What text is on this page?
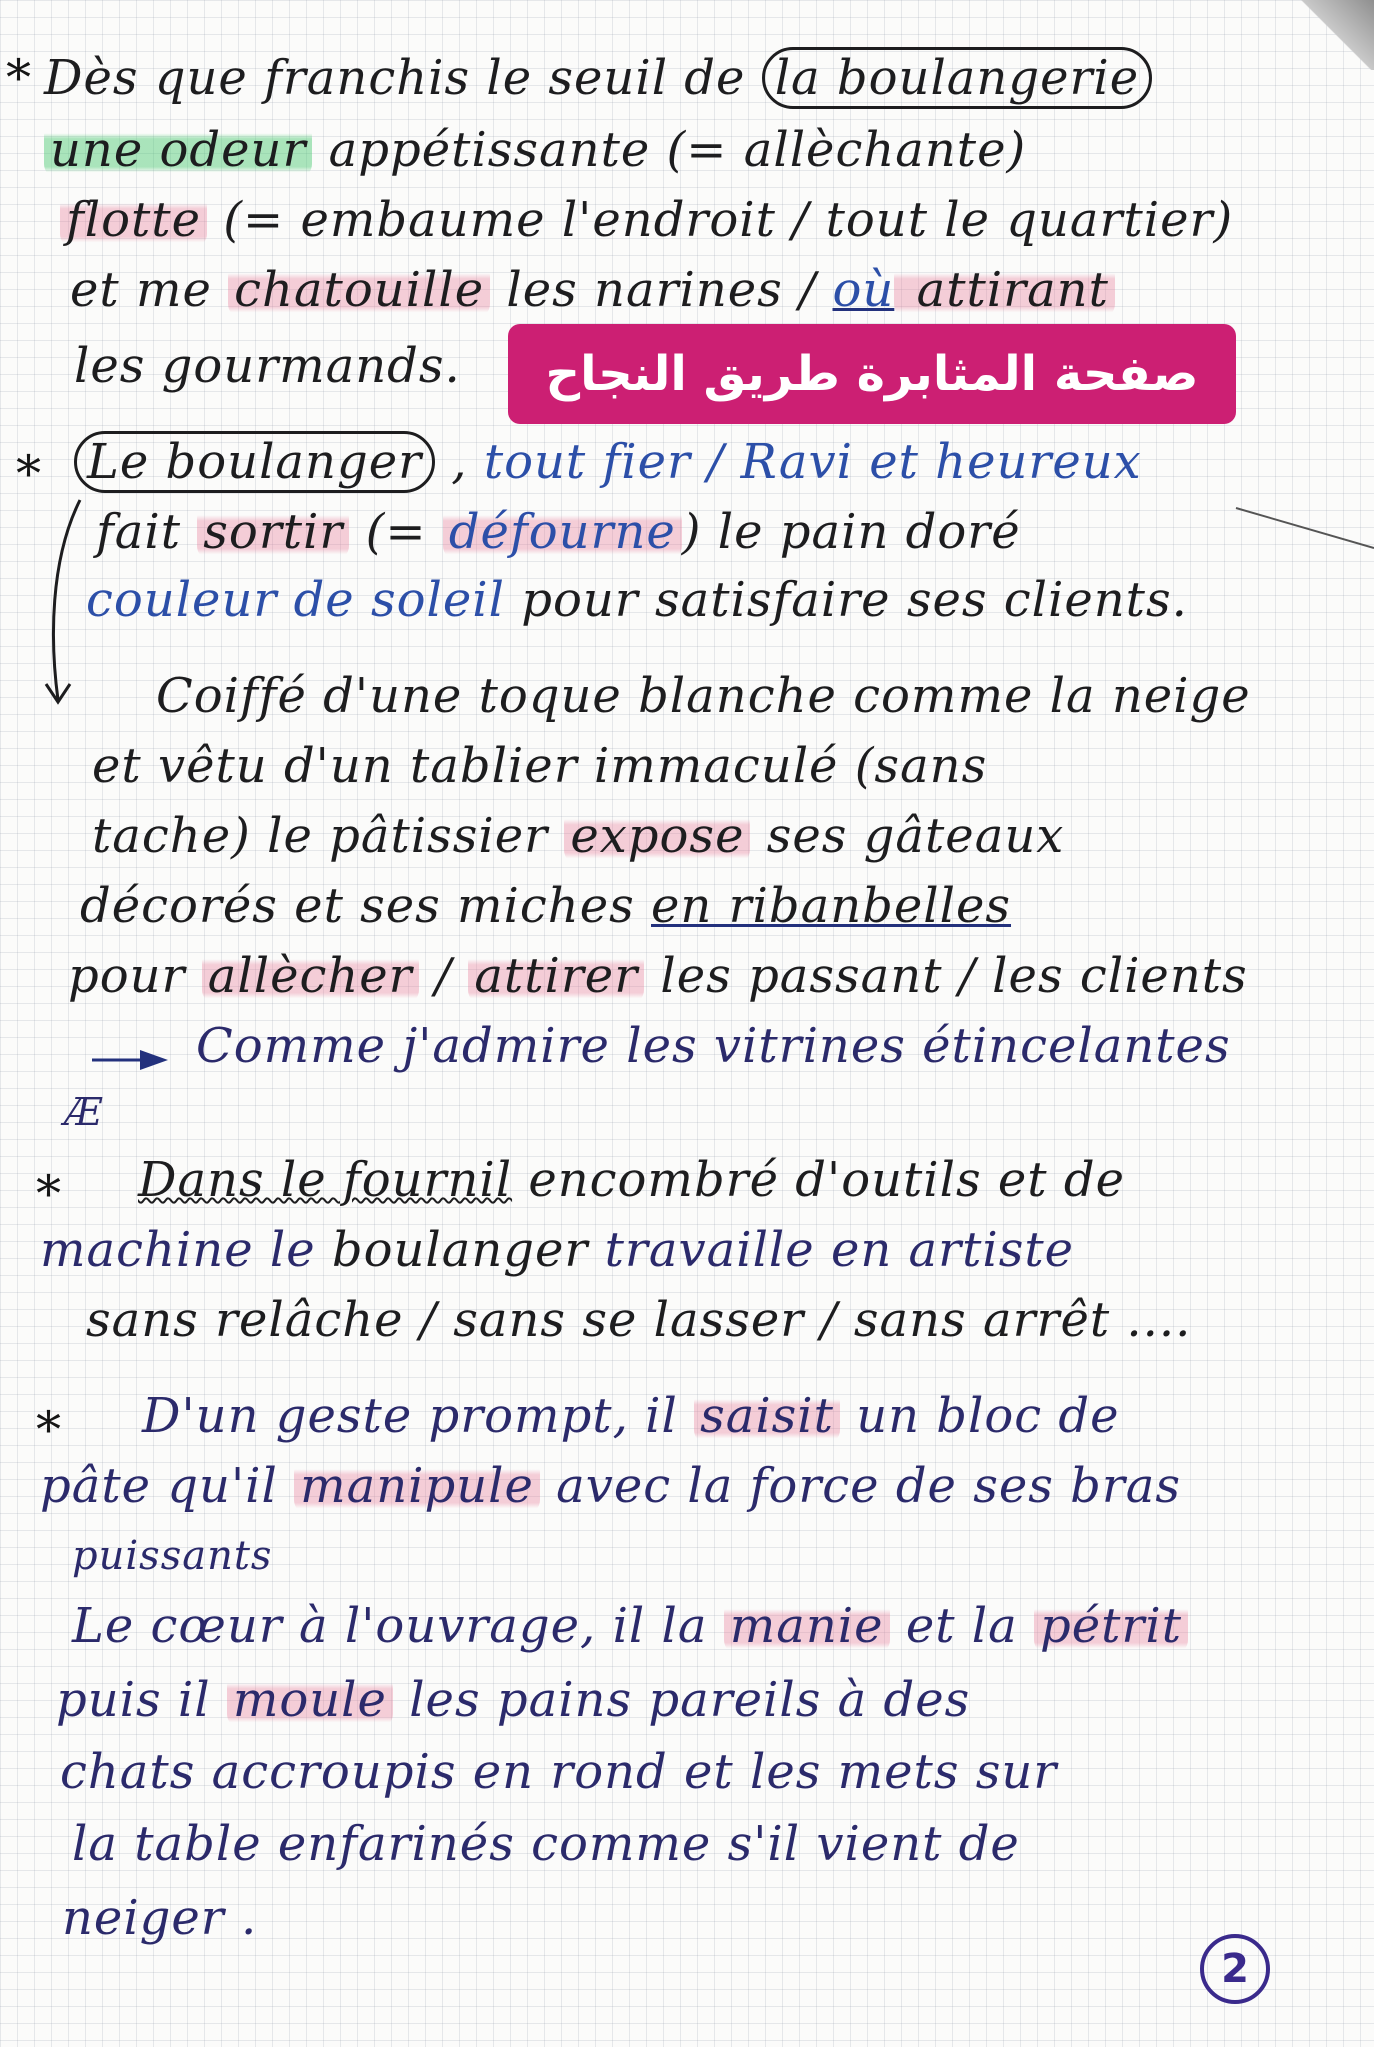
* Dès que franchis le seuil de la boulangerie
une odeur appétissante (= allèchante)
flotte (= embaume l'endroit / tout le quartier)
et me chatouille les narines / où attirant
les gourmands.	صفحة المثابرة طريق النجاح
* Le boulanger , tout fier / Ravi et heureux
fait sortir (= défourne ) le pain doré
couleur de soleil pour satisfaire ses clients.
Coiffé d'une toque blanche comme la neige
et vêtu d'un tablier immaculé (sans
tache) le pâtissier expose ses gâteaux
décorés et ses miches en ribanbelles
pour allècher / attirer les passant / les clients
Comme j'admire les vitrines étincelantes
Æ
* Dans le fournil encombré d'outils et de
machine le boulanger travaille en artiste
sans relâche / sans se lasser / sans arrêt ....
* D'un geste prompt, il saisit un bloc de
pâte qu'il manipule avec la force de ses bras
puissants
Le cœur à l'ouvrage, il la manie et la pétrit
puis il moule les pains pareils à des
chats accroupis en rond et les mets sur
la table enfarinés comme s'il vient de
neiger .
2
